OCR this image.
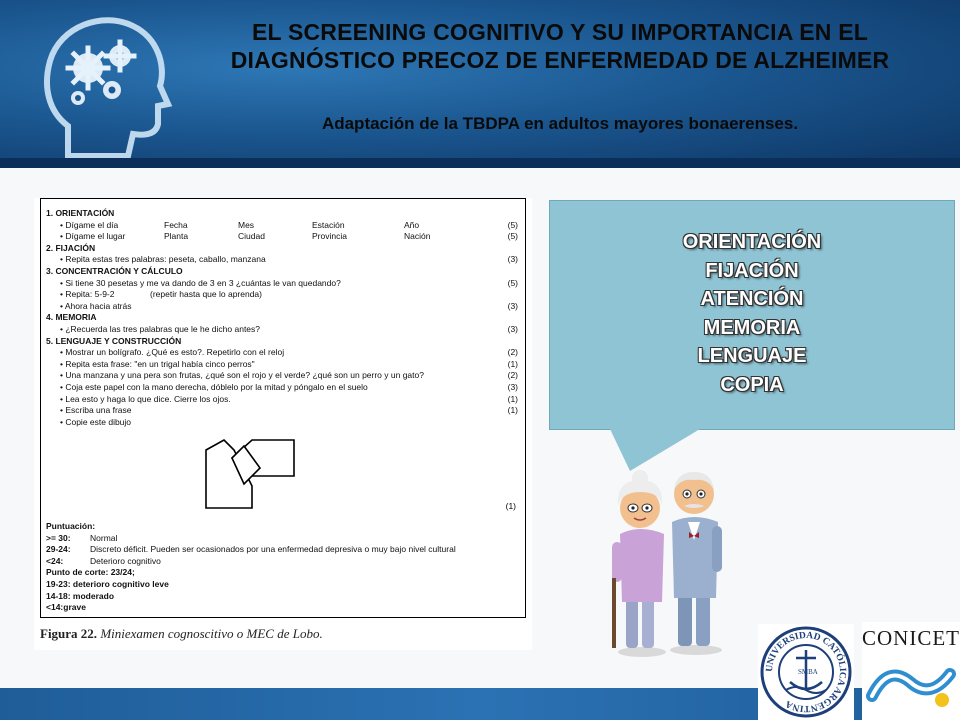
EL SCREENING COGNITIVO Y SU IMPORTANCIA EN EL DIAGNÓSTICO PRECOZ DE ENFERMEDAD DE ALZHEIMER
Adaptación de la TBDPA en adultos mayores bonaerenses.
1. ORIENTACIÓN
• Dígame el día	Fecha	Mes	Estación	Año	(5)
• Dígame el lugar	Planta	Ciudad	Provincia	Nación	(5)
2. FIJACIÓN
• Repita estas tres palabras: peseta, caballo, manzana	(3)
3. CONCENTRACIÓN Y CÁLCULO
• Si tiene 30 pesetas y me va dando de 3 en 3 ¿cuántas le van quedando?	(5)
• Repita: 5-9-2	(repetir hasta que lo aprenda)
• Ahora hacia atrás	(3)
4. MEMORIA
• ¿Recuerda las tres palabras que le he dicho antes?	(3)
5. LENGUAJE Y CONSTRUCCIÓN
• Mostrar un bolígrafo. ¿Qué es esto?. Repetirlo con el reloj	(2)
• Repita esta frase: "en un trigal había cinco perros"	(1)
• Una manzana y una pera son frutas, ¿qué son el rojo y el verde? ¿qué son un perro y un gato?	(2)
• Coja este papel con la mano derecha, dóblelo por la mitad y póngalo en el suelo	(3)
• Lea esto y haga lo que dice. Cierre los ojos.	(1)
• Escriba una frase	(1)
• Copie este dibujo
(1)
Puntuación:
>= 30: Normal
29-24: Discreto déficit. Pueden ser ocasionados por una enfermedad depresiva o muy bajo nivel cultural
<24:	Deterioro cognitivo
Punto de corte: 23/24;
19-23: deterioro cognitivo leve
14-18: moderado
<14:grave
Figura 22. Miniexamen cognoscitivo o MEC de Lobo.
ORIENTACIÓN
FIJACIÓN
ATENCIÓN
MEMORIA
LENGUAJE
COPIA
UNIVERSIDAD CATÓLICA ARGENTINA
SMBA
CONICET
